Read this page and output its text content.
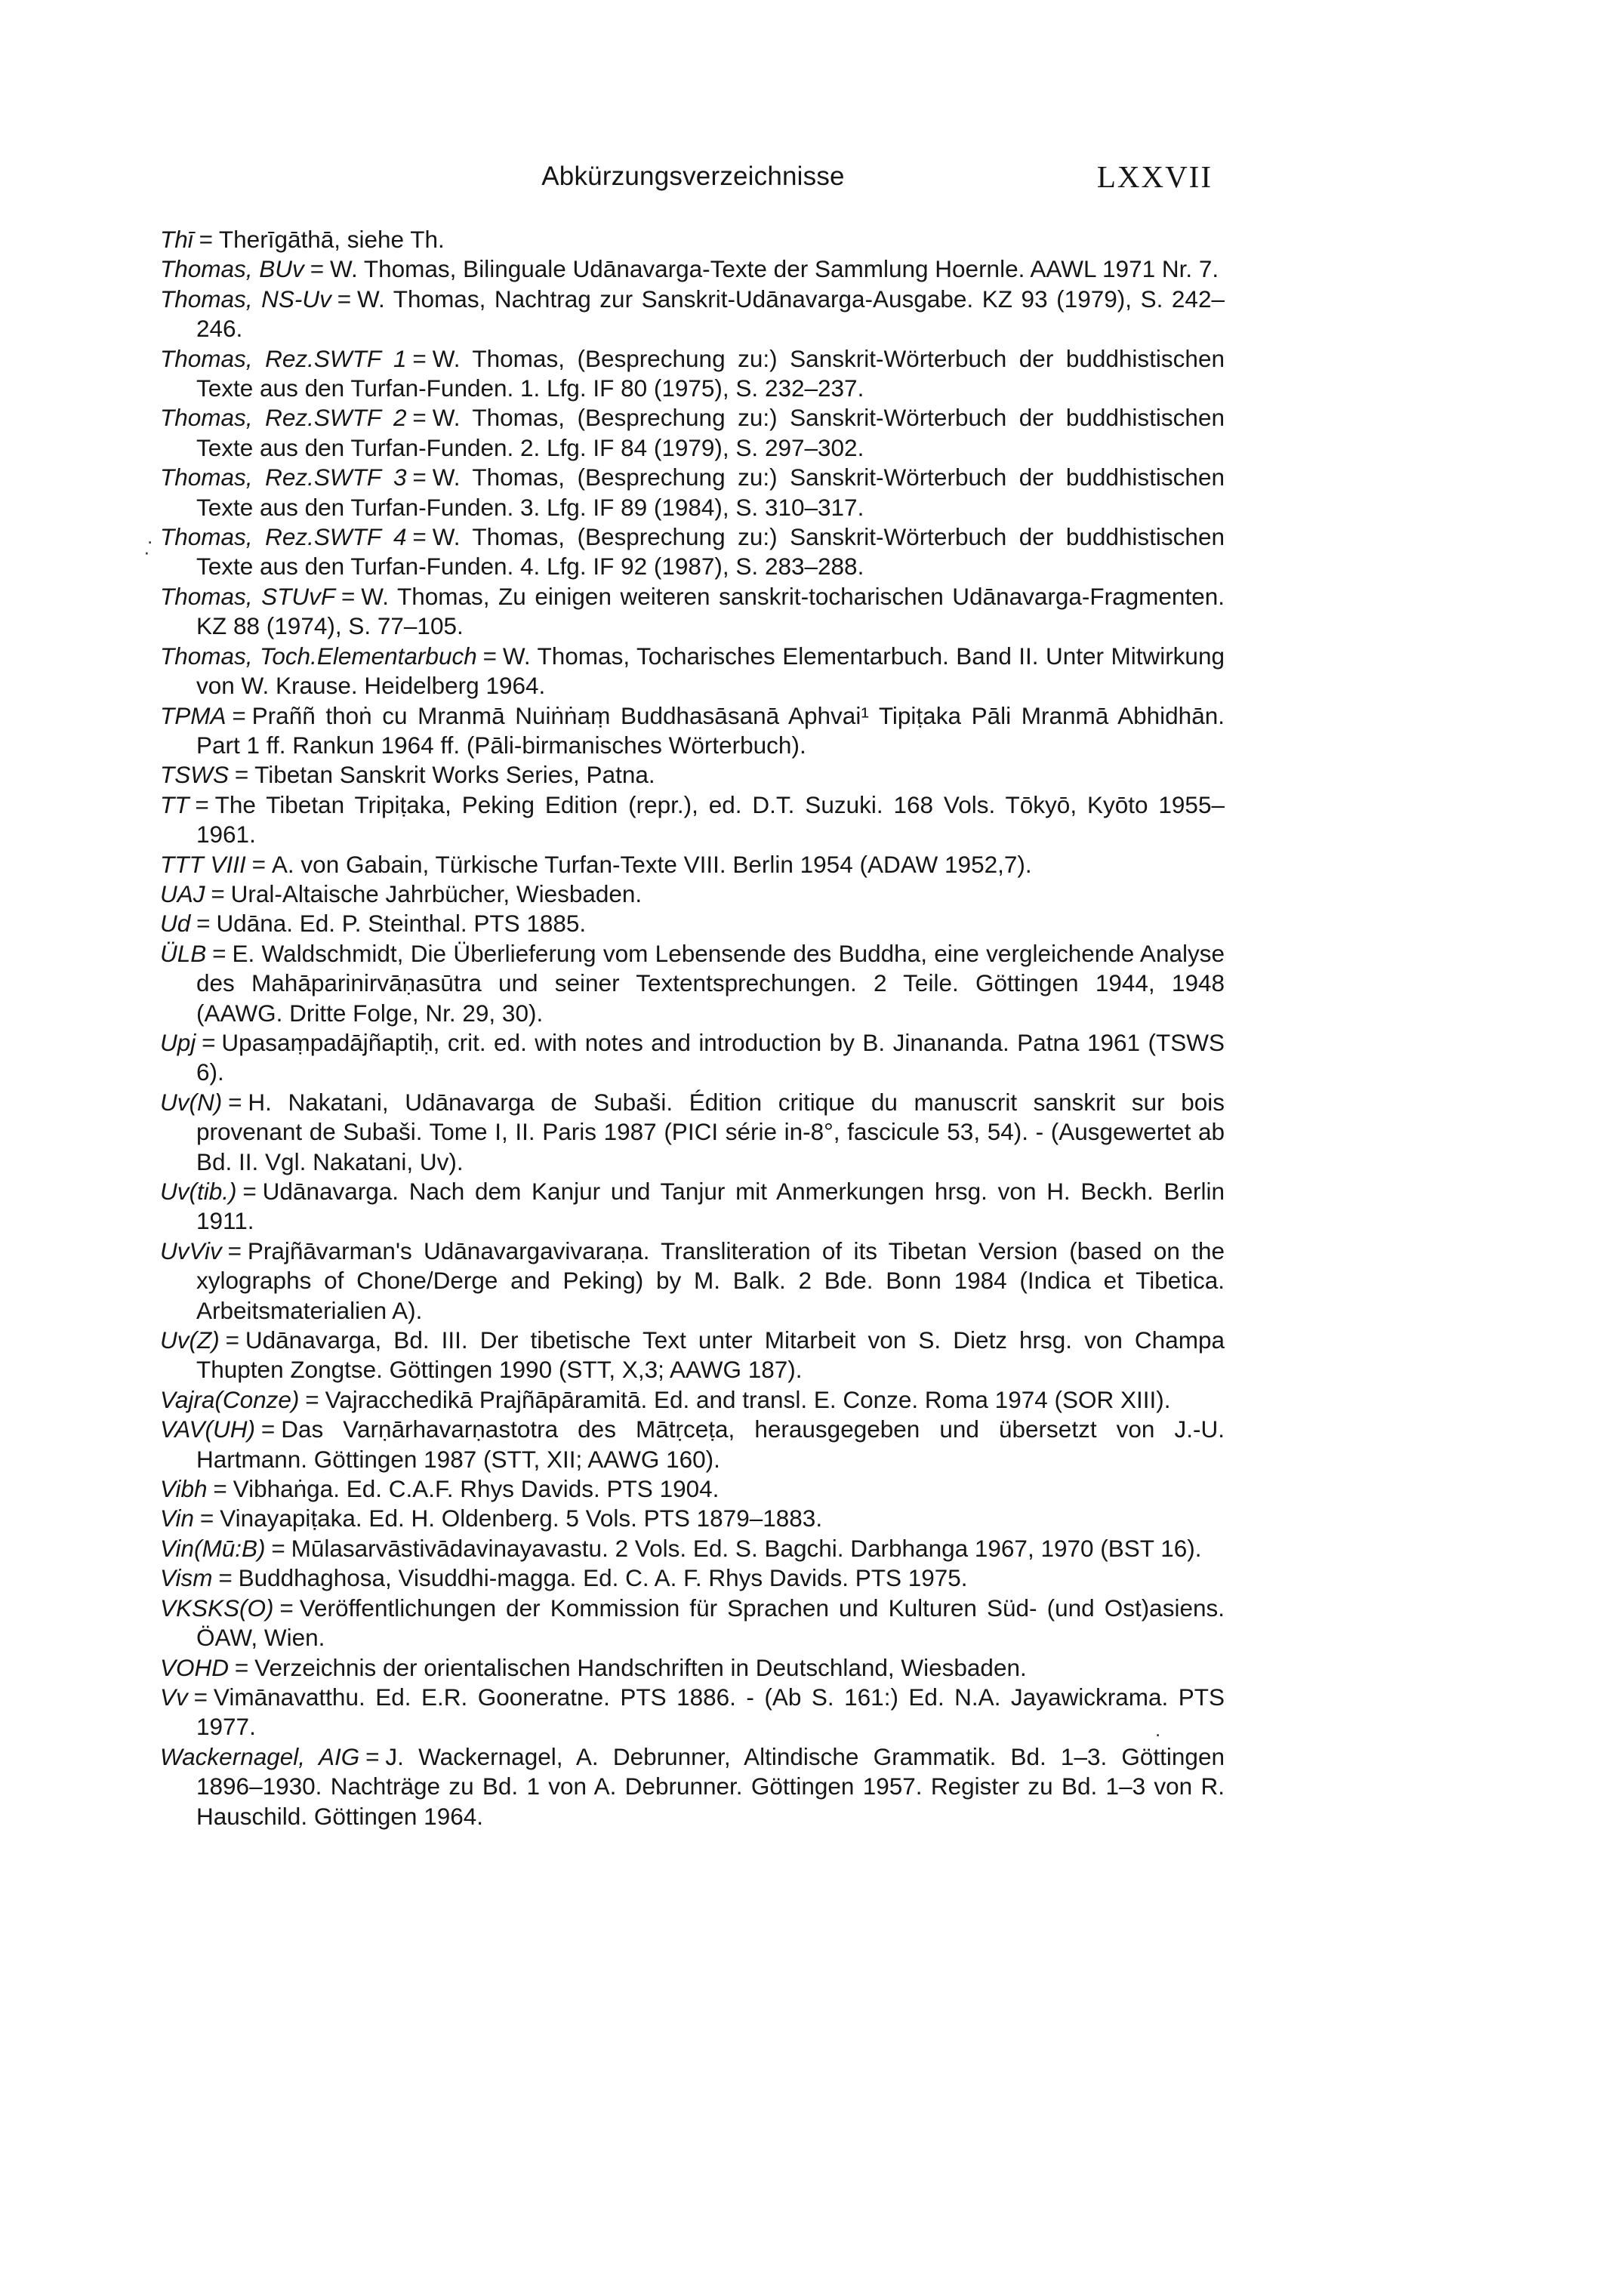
Abkürzungsverzeichnisse	LXXVII
.
·
.

Thī = Therīgāthā, siehe Th.

Thomas, BUv = W. Thomas, Bilinguale Udānavarga-Texte der Sammlung Hoernle. AAWL 1971 Nr. 7.

Thomas, NS-Uv = W. Thomas, Nachtrag zur Sanskrit-Udānavarga-Ausgabe. KZ 93 (1979), S. 242–246.

Thomas, Rez.SWTF 1 = W. Thomas, (Besprechung zu:) Sanskrit-Wörterbuch der buddhistischen Texte aus den Turfan-Funden. 1. Lfg. IF 80 (1975), S. 232–237.

Thomas, Rez.SWTF 2 = W. Thomas, (Besprechung zu:) Sanskrit-Wörterbuch der buddhistischen Texte aus den Turfan-Funden. 2. Lfg. IF 84 (1979), S. 297–302.

Thomas, Rez.SWTF 3 = W. Thomas, (Besprechung zu:) Sanskrit-Wörterbuch der buddhistischen Texte aus den Turfan-Funden. 3. Lfg. IF 89 (1984), S. 310–317.

Thomas, Rez.SWTF 4 = W. Thomas, (Besprechung zu:) Sanskrit-Wörterbuch der buddhistischen Texte aus den Turfan-Funden. 4. Lfg. IF 92 (1987), S. 283–288.

Thomas, STUvF = W. Thomas, Zu einigen weiteren sanskrit-tocharischen Udānavarga-Fragmenten. KZ 88 (1974), S. 77–105.

Thomas, Toch.Elementarbuch = W. Thomas, Tocharisches Elementarbuch. Band II. Unter Mitwirkung von W. Krause. Heidelberg 1964.

TPMA = Praññ thoṅ cu Mranmā Nuiṅṅaṃ Buddhasāsanā Aphvai¹ Tipiṭaka Pāli Mranmā Abhidhān. Part 1 ff. Rankun 1964 ff. (Pāli-birmanisches Wörterbuch).

TSWS = Tibetan Sanskrit Works Series, Patna.

TT = The Tibetan Tripiṭaka, Peking Edition (repr.), ed. D.T. Suzuki. 168 Vols. Tōkyō, Kyōto 1955–1961.

TTT VIII = A. von Gabain, Türkische Turfan-Texte VIII. Berlin 1954 (ADAW 1952,7).

UAJ = Ural-Altaische Jahrbücher, Wiesbaden.

Ud = Udāna. Ed. P. Steinthal. PTS 1885.

ÜLB = E. Waldschmidt, Die Überlieferung vom Lebensende des Buddha, eine vergleichende Analyse des Mahāparinirvāṇasūtra und seiner Textentsprechungen. 2 Teile. Göttingen 1944, 1948 (AAWG. Dritte Folge, Nr. 29, 30).

Upj = Upasaṃpadājñaptiḥ, crit. ed. with notes and introduction by B. Jinananda. Patna 1961 (TSWS 6).

Uv(N) = H. Nakatani, Udānavarga de Subaši. Édition critique du manuscrit sanskrit sur bois provenant de Subaši. Tome I, II. Paris 1987 (PICI série in-8°, fascicule 53, 54). - (Ausgewertet ab Bd. II. Vgl. Nakatani, Uv).

Uv(tib.) = Udānavarga. Nach dem Kanjur und Tanjur mit Anmerkungen hrsg. von H. Beckh. Berlin 1911.

UvViv = Prajñāvarman's Udānavargavivaraṇa. Transliteration of its Tibetan Version (based on the xylographs of Chone/Derge and Peking) by M. Balk. 2 Bde. Bonn 1984 (Indica et Tibetica. Arbeitsmaterialien A).

Uv(Z) = Udānavarga, Bd. III. Der tibetische Text unter Mitarbeit von S. Dietz hrsg. von Champa Thupten Zongtse. Göttingen 1990 (STT, X,3; AAWG 187).

Vajra(Conze) = Vajracchedikā Prajñāpāramitā. Ed. and transl. E. Conze. Roma 1974 (SOR XIII).

VAV(UH) = Das Varṇārhavarṇastotra des Mātṛceṭa, herausgegeben und übersetzt von J.-U. Hartmann. Göttingen 1987 (STT, XII; AAWG 160).

Vibh = Vibhaṅga. Ed. C.A.F. Rhys Davids. PTS 1904.

Vin = Vinayapiṭaka. Ed. H. Oldenberg. 5 Vols. PTS 1879–1883.

Vin(Mū:B) = Mūlasarvāstivādavinayavastu. 2 Vols. Ed. S. Bagchi. Darbhanga 1967, 1970 (BST 16).

Vism = Buddhaghosa, Visuddhi-magga. Ed. C. A. F. Rhys Davids. PTS 1975.

VKSKS(O) = Veröffentlichungen der Kommission für Sprachen und Kulturen Süd- (und Ost)asiens. ÖAW, Wien.

VOHD = Verzeichnis der orientalischen Handschriften in Deutschland, Wiesbaden.

Vv = Vimānavatthu. Ed. E.R. Gooneratne. PTS 1886. - (Ab S. 161:) Ed. N.A. Jayawickrama. PTS 1977.

Wackernagel, AIG = J. Wackernagel, A. Debrunner, Altindische Grammatik. Bd. 1–3. Göttingen 1896–1930. Nachträge zu Bd. 1 von A. Debrunner. Göttingen 1957. Register zu Bd. 1–3 von R. Hauschild. Göttingen 1964.
